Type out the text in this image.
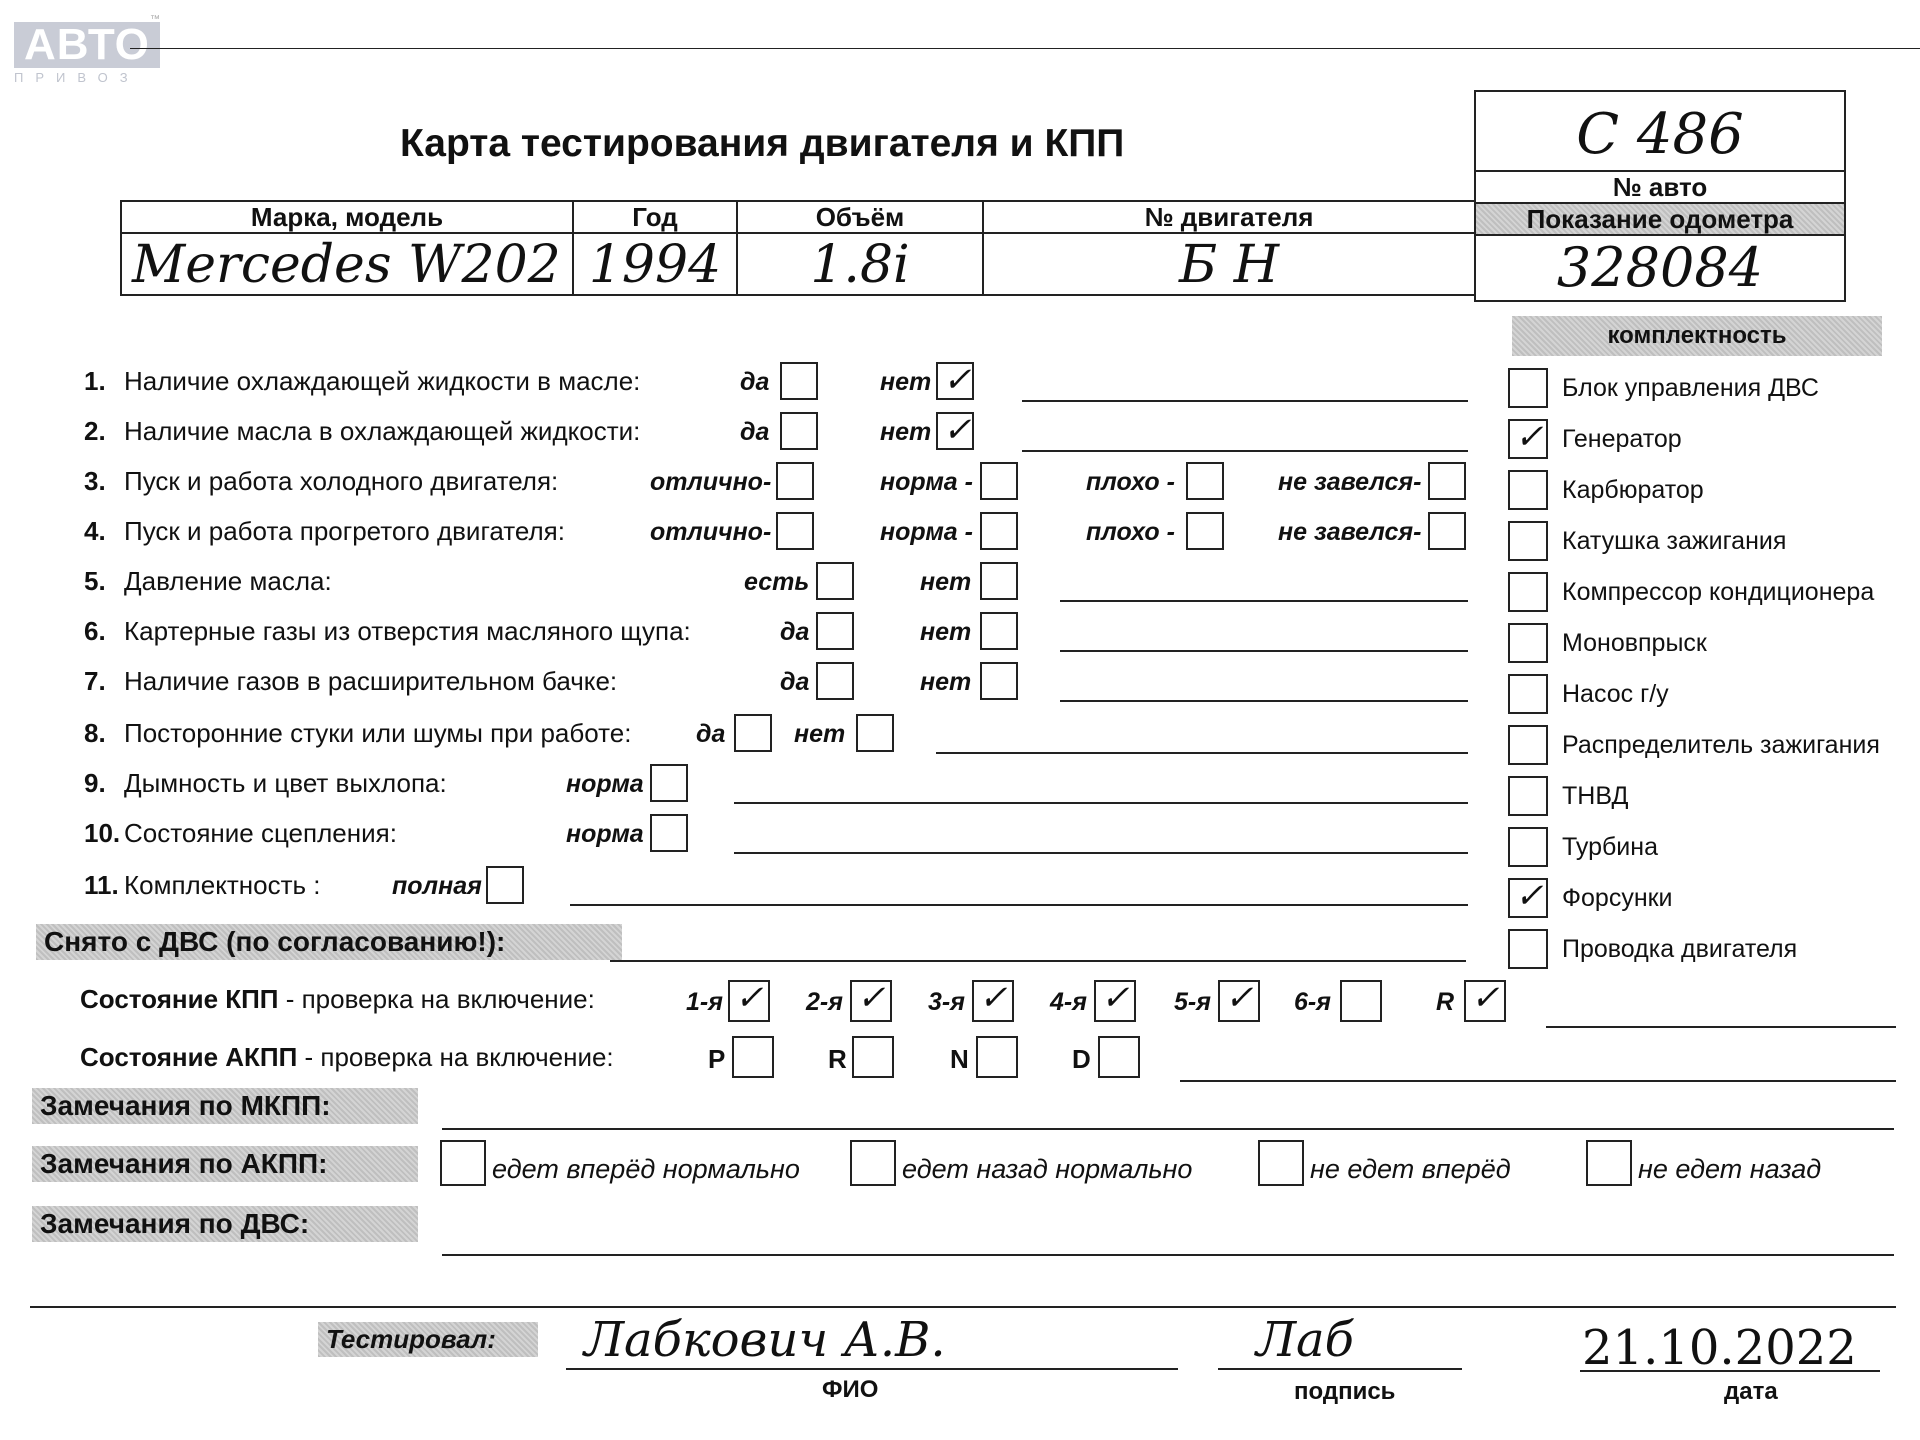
АВТО
ПРИВОЗ
™
Карта тестирования двигателя и КПП	C 486
№ авто
Марка, модель	Год	Объём	№ двигателя	Показание одометра
Mercedes W202 1994	1.8i	Б Н	328084
1. Наличие охлаждающей жидкости в масле:	да	нет ✓
2. Наличие масла в охлаждающей жидкости:	да	нет ✓
3. Пуск и работа холодного двигателя:	отлично-	норма -	плохо -	не завелся-
4. Пуск и работа прогретого двигателя:	отлично-	норма -	плохо -	не завелся-
5. Давление масла:	есть	нет
6. Картерные газы из отверстия масляного щупа:	да	нет
7. Наличие газов в расширительном бачке:	да	нет
8. Посторонние стуки или шумы при работе:	да	нет
9. Дымность и цвет выхлопа:	норма
10. Состояние сцепления:	норма
11. Комплектность :	полная
комплектность
Блок управления ДВС
✓ Генератор
Карбюратор
Катушка зажигания
Компрессор кондиционера
Моновпрыск
Насос г/у
Распределитель зажигания
ТНВД
Турбина
✓ Форсунки
Проводка двигателя
Снято с ДВС (по согласованию!):
Состояние КПП - проверка на включение:	1-я ✓ 2-я ✓ 3-я ✓ 4-я ✓ 5-я ✓ 6-я	R ✓
Состояние АКПП - проверка на включение:	P	R	N	D
Замечания по МКПП:
Замечания по АКПП:	едет вперёд нормально	едет назад нормально	не едет вперёд	не едет назад
Замечания по ДВС:
Тестировал:	Лабкович А.В.
ФИО
Лаб
подпись
21.10.2022
дата
